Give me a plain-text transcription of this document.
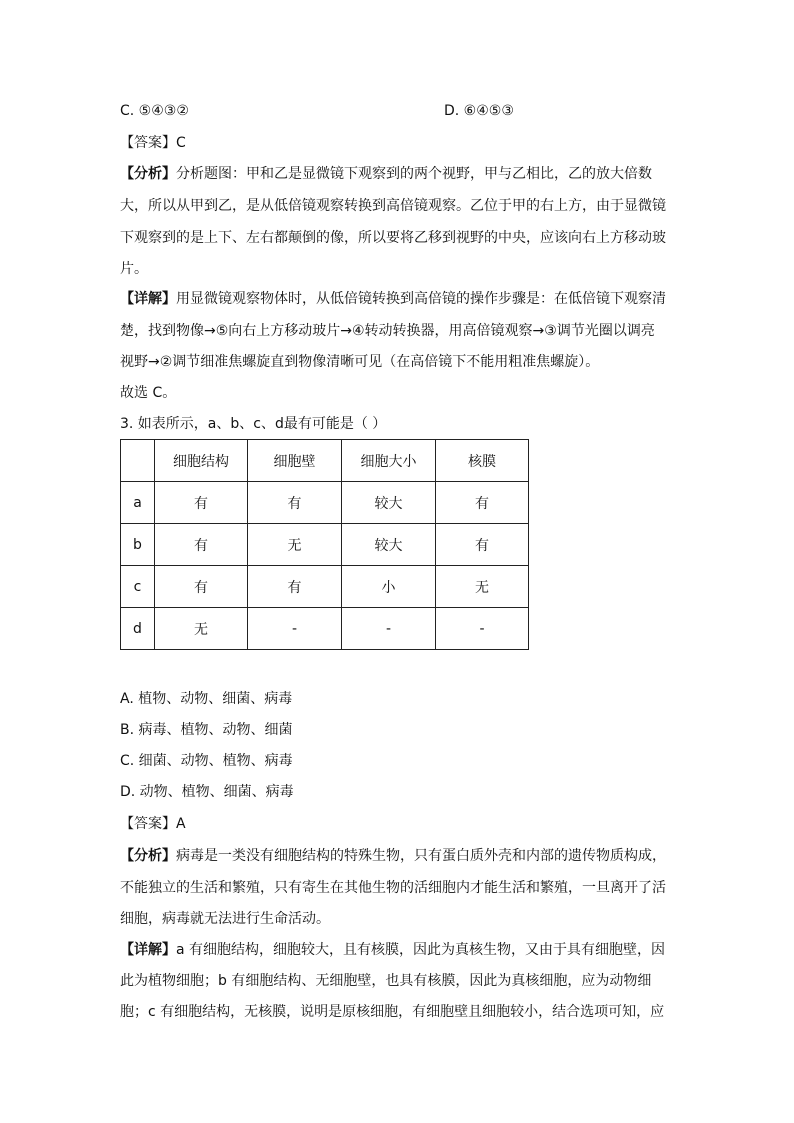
C. ⑤④③②	D. ⑥④⑤③
【答案】C
【分析】分析题图：甲和乙是显微镜下观察到的两个视野，甲与乙相比，乙的放大倍数
大，所以从甲到乙，是从低倍镜观察转换到高倍镜观察。乙位于甲的右上方，由于显微镜
下观察到的是上下、左右都颠倒的像，所以要将乙移到视野的中央，应该向右上方移动玻
片。
【详解】用显微镜观察物体时，从低倍镜转换到高倍镜的操作步骤是：在低倍镜下观察清
楚，找到物像→⑤向右上方移动玻片→④转动转换器，用高倍镜观察→③调节光圈以调亮
视野→②调节细准焦螺旋直到物像清晰可见（在高倍镜下不能用粗准焦螺旋）。
故选 C。
3. 如表所示，a、b、c、d最有可能是（ ）
	细胞结构	细胞壁	细胞大小	核膜
a	有	有	较大	有
b	有	无	较大	有
c	有	有	小	无
d	无	-	-	-
A. 植物、动物、细菌、病毒
B. 病毒、植物、动物、细菌
C. 细菌、动物、植物、病毒
D. 动物、植物、细菌、病毒
【答案】A
【分析】病毒是一类没有细胞结构的特殊生物，只有蛋白质外壳和内部的遗传物质构成，
不能独立的生活和繁殖，只有寄生在其他生物的活细胞内才能生活和繁殖，一旦离开了活
细胞，病毒就无法进行生命活动。
【详解】a 有细胞结构，细胞较大，且有核膜，因此为真核生物，又由于具有细胞壁，因
此为植物细胞；b 有细胞结构、无细胞壁，也具有核膜，因此为真核细胞，应为动物细
胞；c 有细胞结构，无核膜，说明是原核细胞，有细胞壁且细胞较小，结合选项可知，应
